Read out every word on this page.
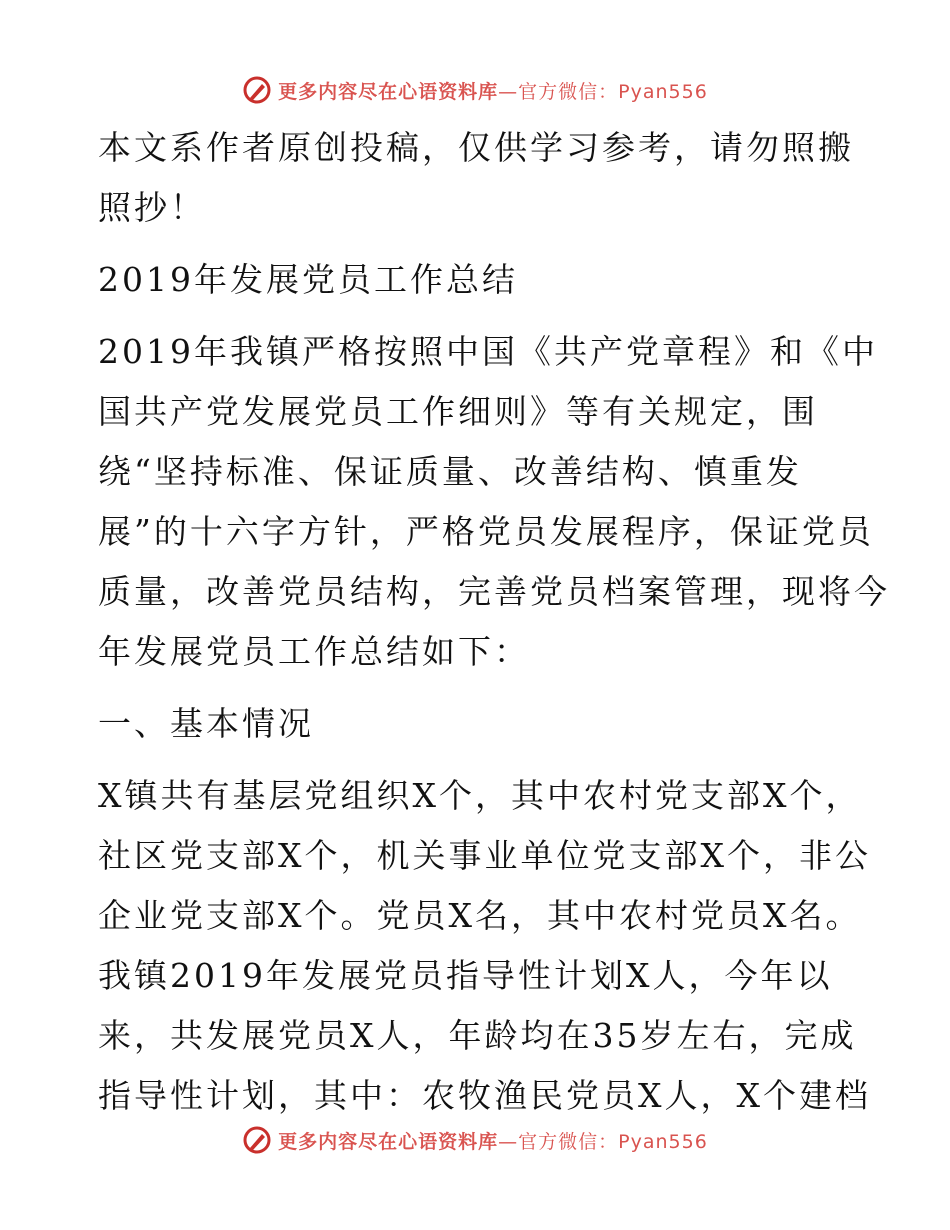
更多内容尽在心语资料库 —官方微信：Pyan556

本文系作者原创投稿，仅供学习参考，请勿照搬

照抄！

2019年发展党员工作总结

2019年我镇严格按照中国《共产党章程》和《中

国共产党发展党员工作细则》等有关规定，围

绕“坚持标准、保证质量、改善结构、慎重发

展”的十六字方针，严格党员发展程序，保证党员

质量，改善党员结构，完善党员档案管理，现将今

年发展党员工作总结如下：

一、基本情况

X镇共有基层党组织X个，其中农村党支部X个，

社区党支部X个，机关事业单位党支部X个，非公

企业党支部X个。党员X名，其中农村党员X名。

我镇2019年发展党员指导性计划X人，今年以

来，共发展党员X人，年龄均在35岁左右，完成

指导性计划，其中：农牧渔民党员X人，X个建档

更多内容尽在心语资料库 —官方微信：Pyan556
